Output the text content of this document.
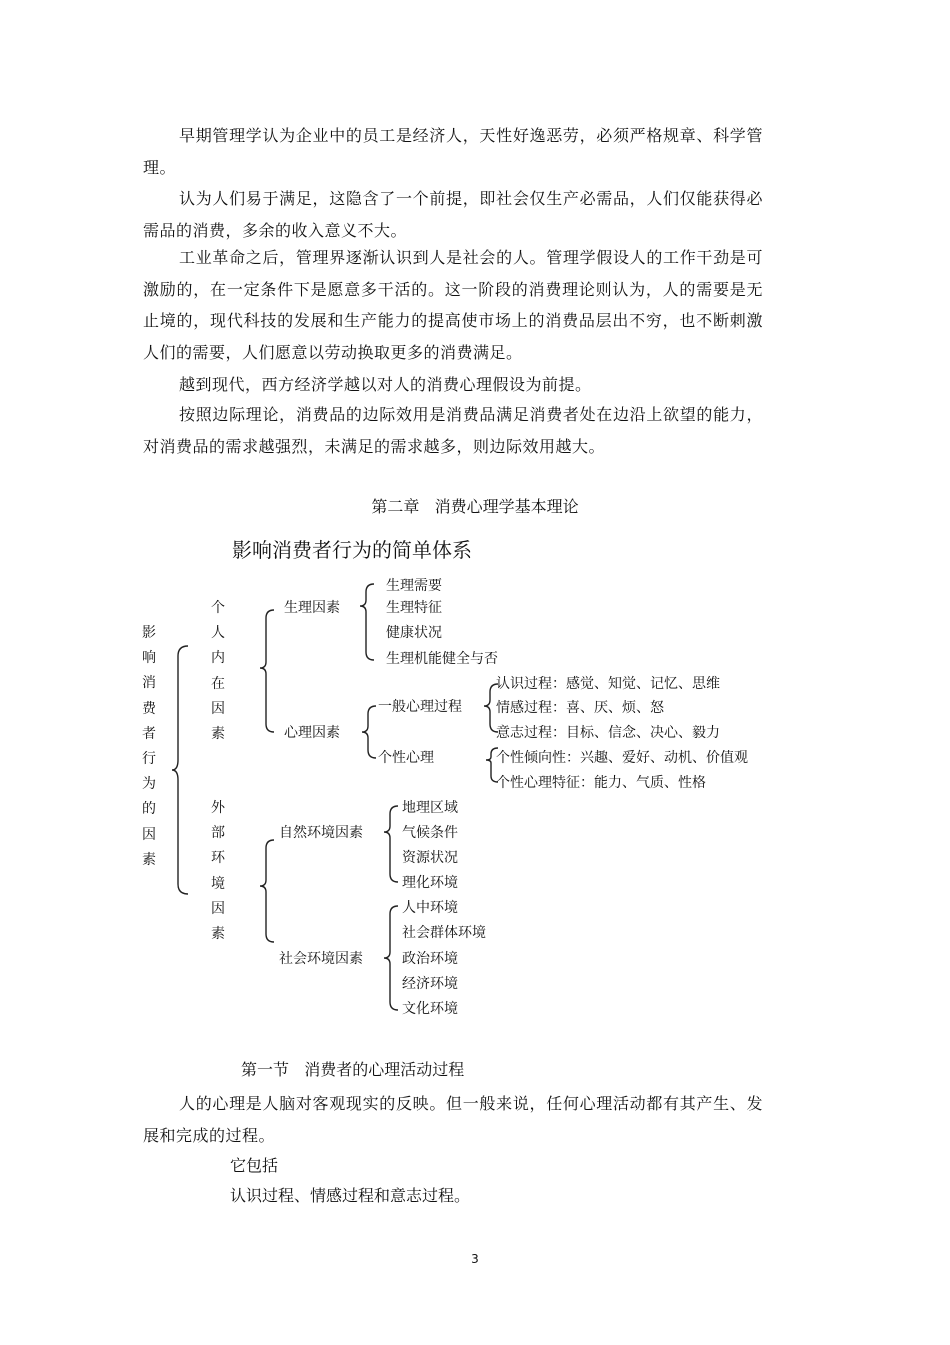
早期管理学认为企业中的员工是经济人，天性好逸恶劳，必须严格规章、科学管理。

认为人们易于满足，这隐含了一个前提，即社会仅生产必需品，人们仅能获得必需品的消费，多余的收入意义不大。

工业革命之后，管理界逐渐认识到人是社会的人。管理学假设人的工作干劲是可激励的，在一定条件下是愿意多干活的。这一阶段的消费理论则认为，人的需要是无止境的，现代科技的发展和生产能力的提高使市场上的消费品层出不穷，也不断刺激人们的需要，人们愿意以劳动换取更多的消费满足。

越到现代，西方经济学越以对人的消费心理假设为前提。

按照边际理论，消费品的边际效用是消费品满足消费者处在边沿上欲望的能力，对消费品的需求越强烈，未满足的需求越多，则边际效用越大。

第二章   消费心理学基本理论

影响消费者行为的简单体系

影
响
消
费
者
行
为
的
因
素
个
人
内
在
因
素
外
部
环
境
因
素
生理因素
生理需要
生理特征
健康状况
生理机能健全与否
心理因素
一般心理过程
认识过程：感觉、知觉、记忆、思维
情感过程：喜、厌、烦、怒
意志过程：目标、信念、决心、毅力
个性心理	个性倾向性：兴趣、爱好、动机、价值观
个性心理特征：能力、气质、性格
自然环境因素
地理区域
气候条件
资源状况
理化环境
社会环境因素
人中环境
社会群体环境
政治环境
经济环境
文化环境

第一节   消费者的心理活动过程

人的心理是人脑对客观现实的反映。但一般来说，任何心理活动都有其产生、发展和完成的过程。

它包括

认识过程、情感过程和意志过程。

3
